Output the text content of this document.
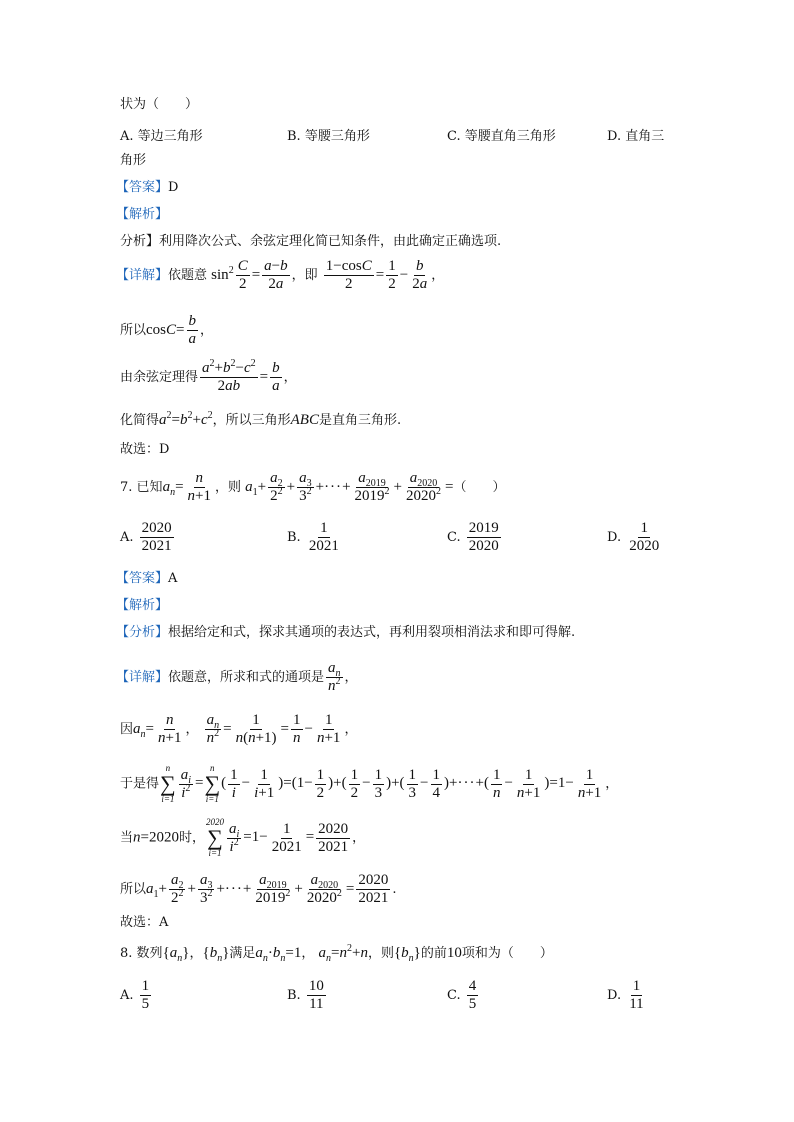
状为（　　）
A. 等边三角形	B. 等腰三角形	C. 等腰直角三角形	D. 直角三
角形
【答案】D
【解析】
分析】利用降次公式、余弦定理化简已知条件，由此确定正确选项.
【详解】依题意 $\sin^2 \frac{C}{2} = \frac{a-b}{2a}$ ，即 $\frac{1-\cos C}{2} = \frac{1}{2} - \frac{b}{2a}$ ，
所以$\cos C= \frac{b}{a}$ ，
由余弦定理得 $\frac{a^2+b^2-c^2}{2ab} = \frac{b}{a}$ ，
化简得$a^2=b^2+c^2$，所以三角形ABC是直角三角形.
故选：D
7. 已知$a_n= \frac{n}{n+1}$ ，则 $a_1+ \frac{a_2}{2^2} + \frac{a_3}{3^2}$ +···+ $\frac{a_{2019}}{2019^2} + \frac{a_{2020}}{2020^2}$ =（　　）
A. $\frac{2020}{2021}$	B. $\frac{1}{2021}$	C. $\frac{2019}{2020}$	D. $\frac{1}{2020}$
【答案】A
【解析】
【分析】根据给定和式，探求其通项的表达式，再利用裂项相消法求和即可得解.
【详解】依题意，所求和式的通项是 $\frac{a_n}{n^2}$ ，
因$a_n= \frac{n}{n+1}$ ， $\frac{a_n}{n^2} = \frac{1}{n(n+1)} = \frac{1}{n} - \frac{1}{n+1}$ ，
于是得
n
∑
$i=1 \frac{a_i}{i^2}$ =
n
∑
i=1
( $\frac{1}{i} - \frac{1}{i+1} )=(1- \frac{1}{2}$ )+( $\frac{1}{2} - \frac{1}{3}$ )+( $\frac{1}{3} - \frac{1}{4}$ )+···+( $\frac{1}{n} - \frac{1}{n+1} )=1- \frac{1}{n+1}$ ，
当n=2020时，
2020
∑
$i=1 \frac{a_i}{i^2} =1- \frac{1}{2021} = \frac{2020}{2021}$ ，
所以$a_1+ \frac{a_2}{2^2} + \frac{a_3}{3^2}$ +···+ $\frac{a_{2019}}{2019^2} + \frac{a_{2020}}{2020^2} = \frac{2020}{2021}$ .
故选：A
8. 数列$\{a_n\}$，$\{b_n\}$满足$a_n\cdot b_n=1$， $a_n=n^2+n$，则$\{b_n\}$的前10项和为（　　）
A. $\frac{1}{5}$	B. $\frac{10}{11}$	C. $\frac{4}{5}$	D. $\frac{1}{11}$
